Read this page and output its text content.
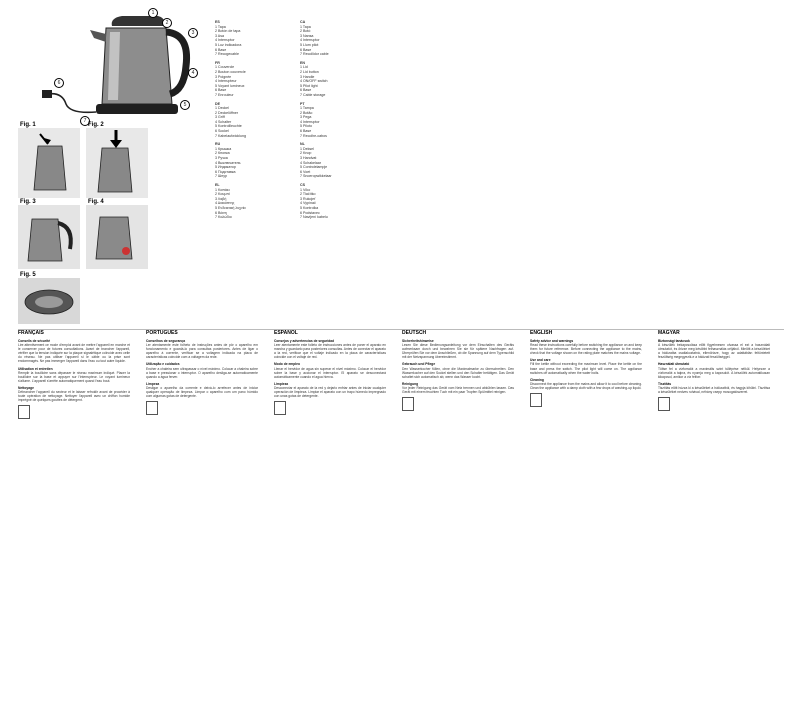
ES
1 Tapa
2 Botón de tapa
3 Asa
4 Interruptor
5 Luz indicadora
6 Base
7 Recogecable
FR
1 Couvercle
2 Bouton couvercle
3 Poignée
4 Interrupteur
5 Voyant lumineux
6 Base
7 Enrouleur
DE
1 Deckel
2 Deckelöffner
3 Griff
4 Schalter
5 Kontrollleuchte
6 Sockel
7 Kabelaufwicklung
RU
1 Крышка
2 Кнопка
3 Ручка
4 Выключатель
5 Индикатор
6 Подставка
7 Шнур
EL
1 Καπάκι
2 Κουμπί
3 Λαβή
4 Διακόπτης
5 Ενδεικτική λυχνία
6 Βάση
7 Καλώδιο
CA
1 Tapa
2 Botó
3 Nansa
4 Interruptor
5 Llum pilot
6 Base
7 Recollidor cable
EN
1 Lid
2 Lid button
3 Handle
4 ON/OFF switch
5 Pilot light
6 Base
7 Cable storage
PT
1 Tampa
2 Botão
3 Pega
4 Interruptor
5 Piloto
6 Base
7 Recolhe-cabos
NL
1 Deksel
2 Knop
3 Handvat
4 Schakelaar
5 Controlelampje
6 Voet
7 Snoeropwikkelaar
CS
1 Víko
2 Tlačítko
3 Rukojeť
4 Vypínač
5 Kontrolka
6 Podstavec
7 Navíjení kabelu
1
2
3
4
5
6
7
Fig. 1	Fig. 2
Fig. 3	Fig. 4
Fig. 5
FRANÇAIS
Conseils de sécurité

Lire attentivement ce mode d'emploi avant de mettre l'appareil en marche et le conserver pour de futures consultations. Avant de brancher l'appareil, vérifier que la tension indiquée sur la plaque signalétique coïncide avec celle du réseau. Ne pas utiliser l'appareil si le câble ou la prise sont endommagés. Ne pas immerger l'appareil dans l'eau ou tout autre liquide.

Utilisation et entretien

Remplir la bouilloire sans dépasser le niveau maximum indiqué. Placer la bouilloire sur la base et appuyer sur l'interrupteur. Le voyant lumineux s'allume. L'appareil s'arrête automatiquement quand l'eau bout.

Nettoyage

Débrancher l'appareil du secteur et le laisser refroidir avant de procéder à toute opération de nettoyage. Nettoyer l'appareil avec un chiffon humide imprégné de quelques gouttes de détergent.

PORTUGUÊS
Conselhos de segurança

Ler atentamente este folheto de instruções antes de pôr o aparelho em funcionamento e guardá-lo para consultas posteriores. Antes de ligar o aparelho à corrente, verificar se a voltagem indicada na placa de características coincide com a voltagem da rede.

Utilização e cuidados

Encher a chaleira sem ultrapassar o nível máximo. Colocar a chaleira sobre a base e pressionar o interruptor. O aparelho desliga-se automaticamente quando a água ferver.

Limpeza

Desligar o aparelho da corrente e deixá-lo arrefecer antes de iniciar qualquer operação de limpeza. Limpar o aparelho com um pano húmido com algumas gotas de detergente.

ESPAÑOL
Consejos y advertencias de seguridad

Leer atentamente este folleto de instrucciones antes de poner el aparato en marcha y guardarlo para posteriores consultas. Antes de conectar el aparato a la red, verificar que el voltaje indicado en la placa de características coincide con el voltaje de red.

Modo de empleo

Llenar el hervidor de agua sin superar el nivel máximo. Colocar el hervidor sobre la base y accionar el interruptor. El aparato se desconectará automáticamente cuando el agua hierva.

Limpieza

Desconectar el aparato de la red y dejarlo enfriar antes de iniciar cualquier operación de limpieza. Limpiar el aparato con un trapo húmedo impregnado con unas gotas de detergente.

DEUTSCH
Sicherheitshinweise

Lesen Sie diese Bedienungsanleitung vor dem Einschalten des Geräts aufmerksam durch und bewahren Sie sie für spätere Nachfragen auf. Überprüfen Sie vor dem Anschließen, ob die Spannung auf dem Typenschild mit der Netzspannung übereinstimmt.

Gebrauch und Pflege

Den Wasserkocher füllen, ohne die Maximalmarke zu überschreiten. Den Wasserkocher auf den Sockel stellen und den Schalter betätigen. Das Gerät schaltet sich automatisch ab, wenn das Wasser kocht.

Reinigung

Vor jeder Reinigung das Gerät vom Netz trennen und abkühlen lassen. Das Gerät mit einem feuchten Tuch mit ein paar Tropfen Spülmittel reinigen.

ENGLISH
Safety advice and warnings

Read these instructions carefully before switching the appliance on and keep them for future reference. Before connecting the appliance to the mains, check that the voltage shown on the rating plate matches the mains voltage.

Use and care

Fill the kettle without exceeding the maximum level. Place the kettle on the base and press the switch. The pilot light will come on. The appliance switches off automatically when the water boils.

Cleaning

Disconnect the appliance from the mains and allow it to cool before cleaning. Clean the appliance with a damp cloth with a few drops of washing-up liquid.

MAGYAR
Biztonsági tanácsok

A készülék bekapcsolása előtt figyelmesen olvassa el ezt a használati útmutatót, és őrizze meg későbbi felhasználás céljából. Mielőtt a készüléket a hálózatba csatlakoztatná, ellenőrizze, hogy az adattáblán feltüntetett feszültség megegyezik-e a hálózati feszültséggel.

Használati útmutató

Töltse fel a vízforralót a maximális szint túllépése nélkül. Helyezze a vízforralót a talpra, és nyomja meg a kapcsolót. A készülék automatikusan kikapcsol, amikor a víz felforr.

Tisztítás

Tisztítás előtt húzza ki a készüléket a hálózatból, és hagyja kihűlni. Tisztítsa a készüléket nedves ruhával, néhány csepp mosogatószerrel.
